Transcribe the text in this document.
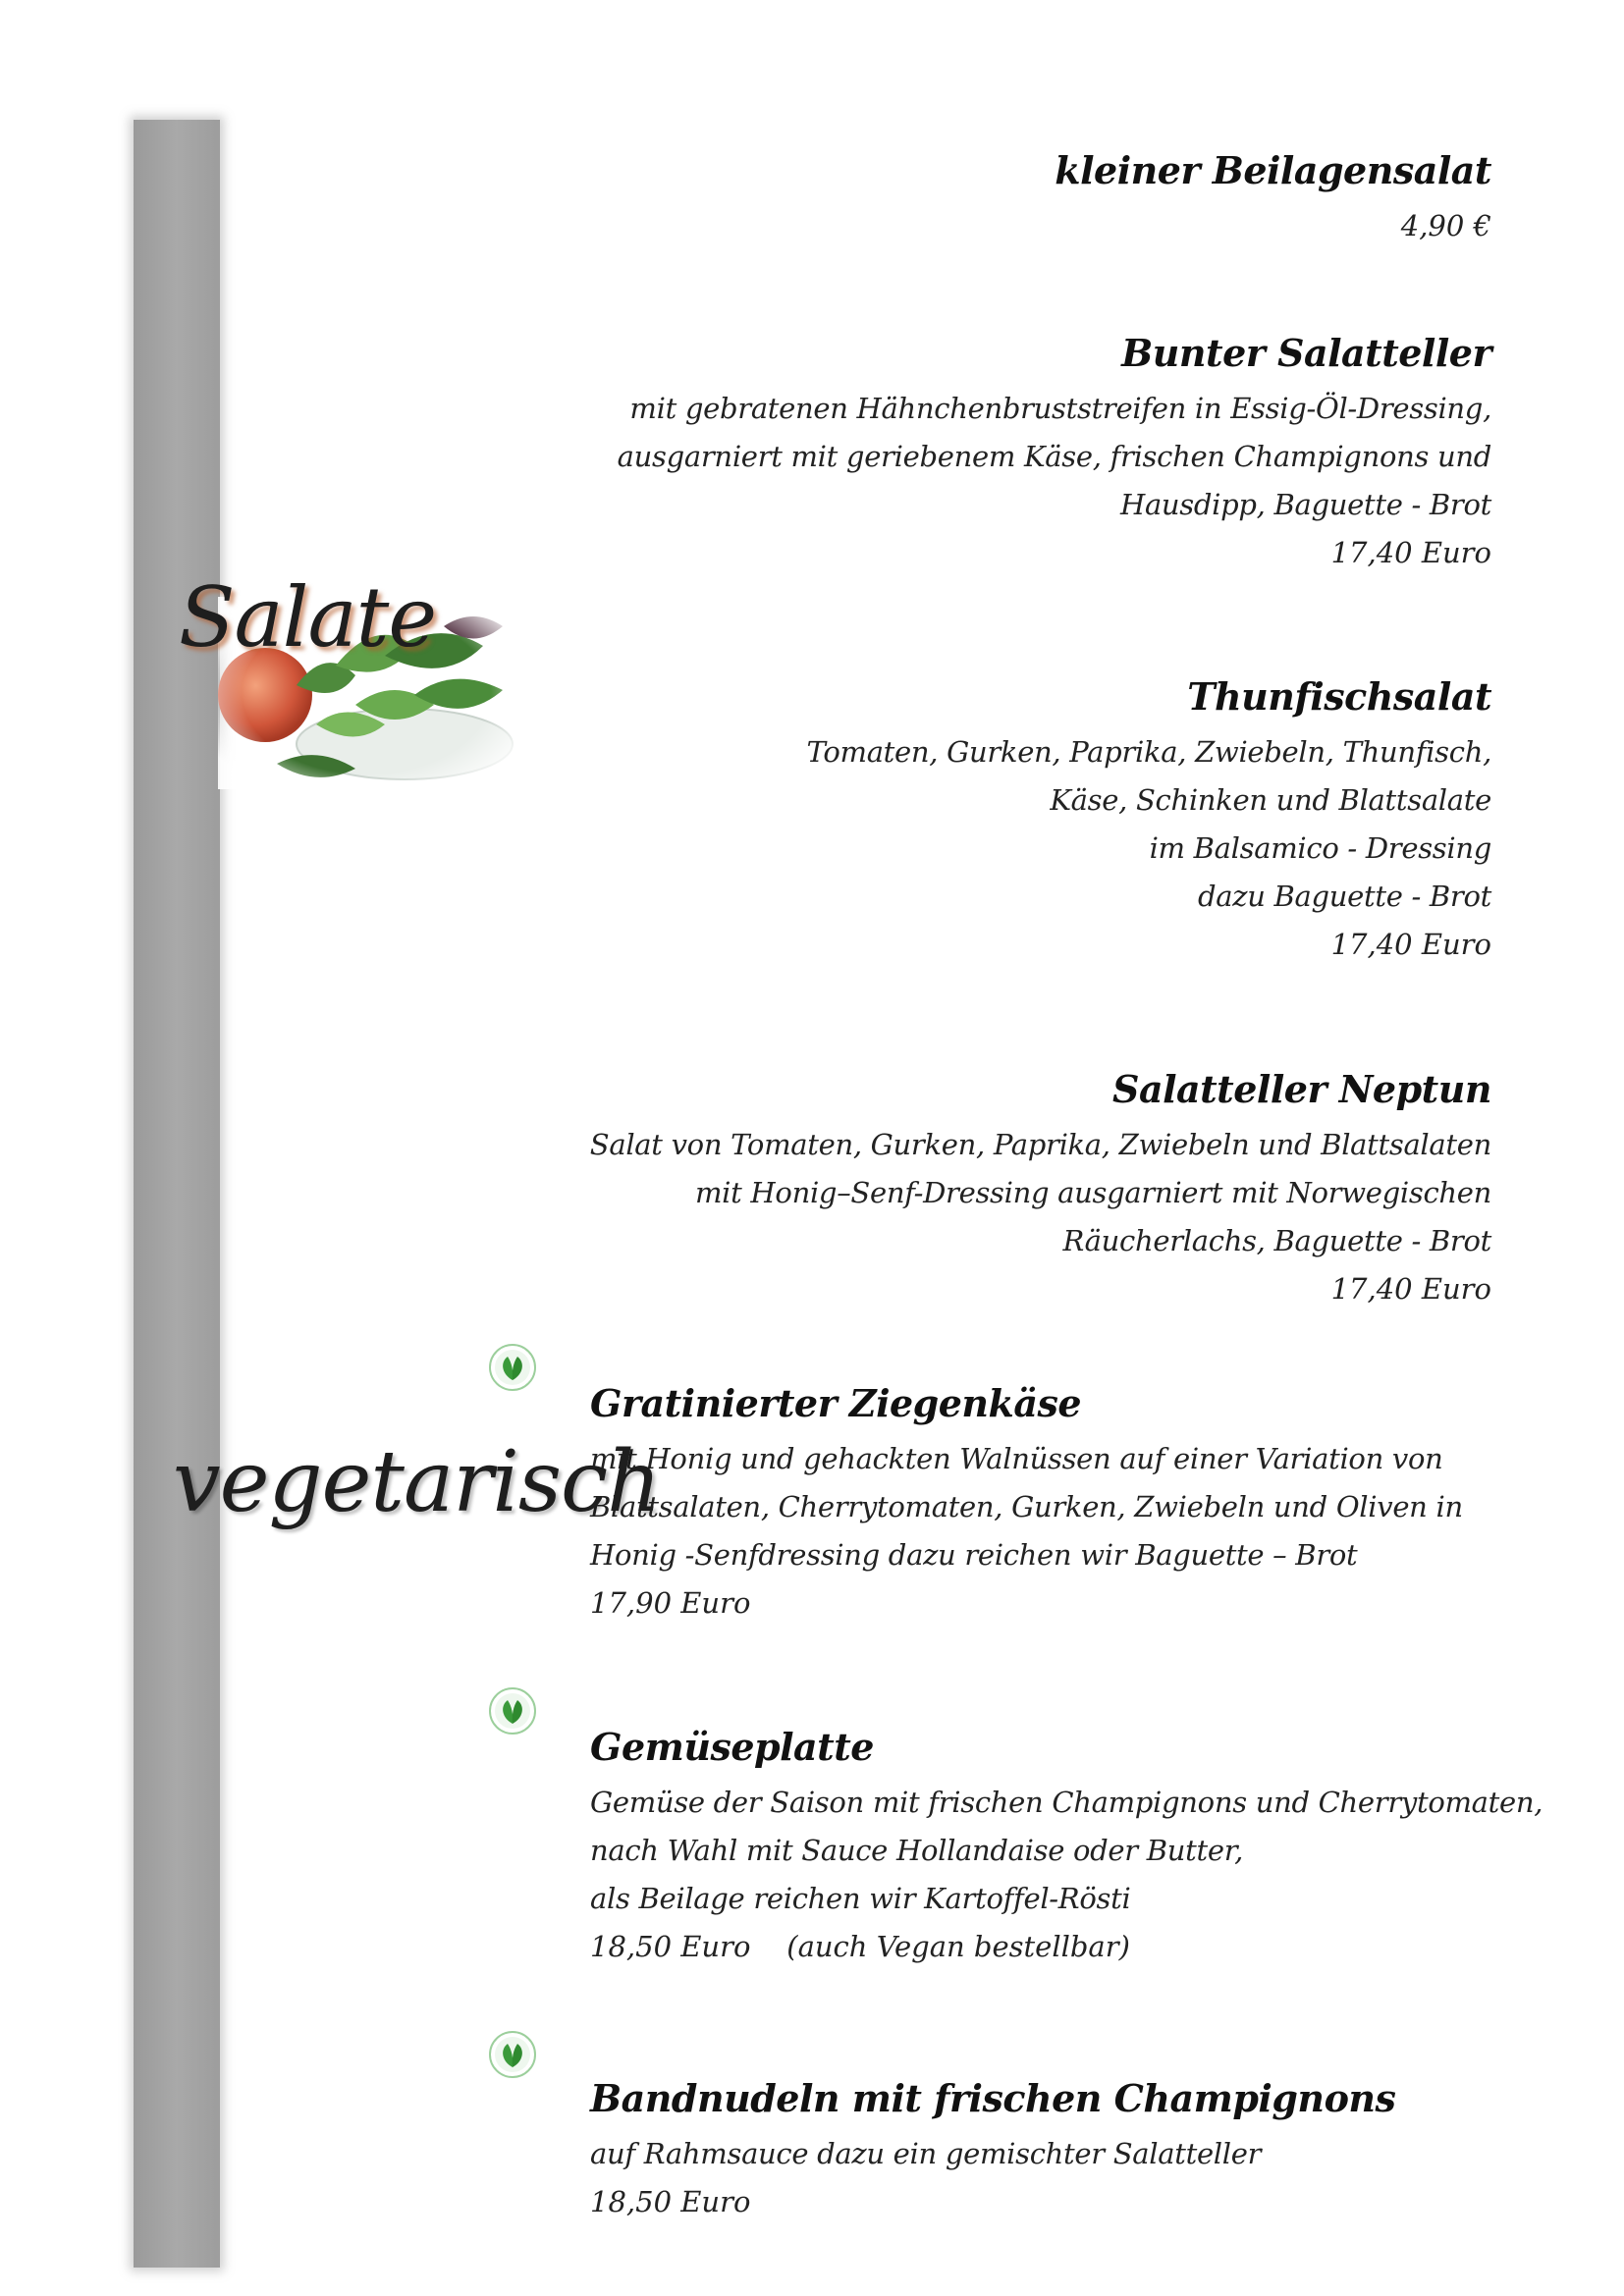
Salate
vegetarisch
kleiner Beilagensalat
4,90 €
Bunter Salatteller
mit gebratenen Hähnchenbruststreifen in Essig-Öl-Dressing,
ausgarniert mit geriebenem Käse, frischen Champignons und
Hausdipp, Baguette - Brot
17,40 Euro
Thunfischsalat
Tomaten, Gurken, Paprika, Zwiebeln, Thunfisch,
Käse, Schinken und Blattsalate
im Balsamico - Dressing
dazu Baguette - Brot
17,40 Euro
Salatteller Neptun
Salat von Tomaten, Gurken, Paprika, Zwiebeln und Blattsalaten
mit Honig–Senf-Dressing ausgarniert mit Norwegischen
Räucherlachs, Baguette - Brot
17,40 Euro
Gratinierter Ziegenkäse
mit Honig und gehackten Walnüssen auf einer Variation von
Blattsalaten, Cherrytomaten, Gurken, Zwiebeln und Oliven in
Honig -Senfdressing dazu reichen wir Baguette – Brot
17,90 Euro
Gemüseplatte
Gemüse der Saison mit frischen Champignons und Cherrytomaten,
nach Wahl mit Sauce Hollandaise oder Butter,
als Beilage reichen wir Kartoffel-Rösti
18,50 Euro    (auch Vegan bestellbar)
Bandnudeln mit frischen Champignons
auf Rahmsauce dazu ein gemischter Salatteller
18,50 Euro
